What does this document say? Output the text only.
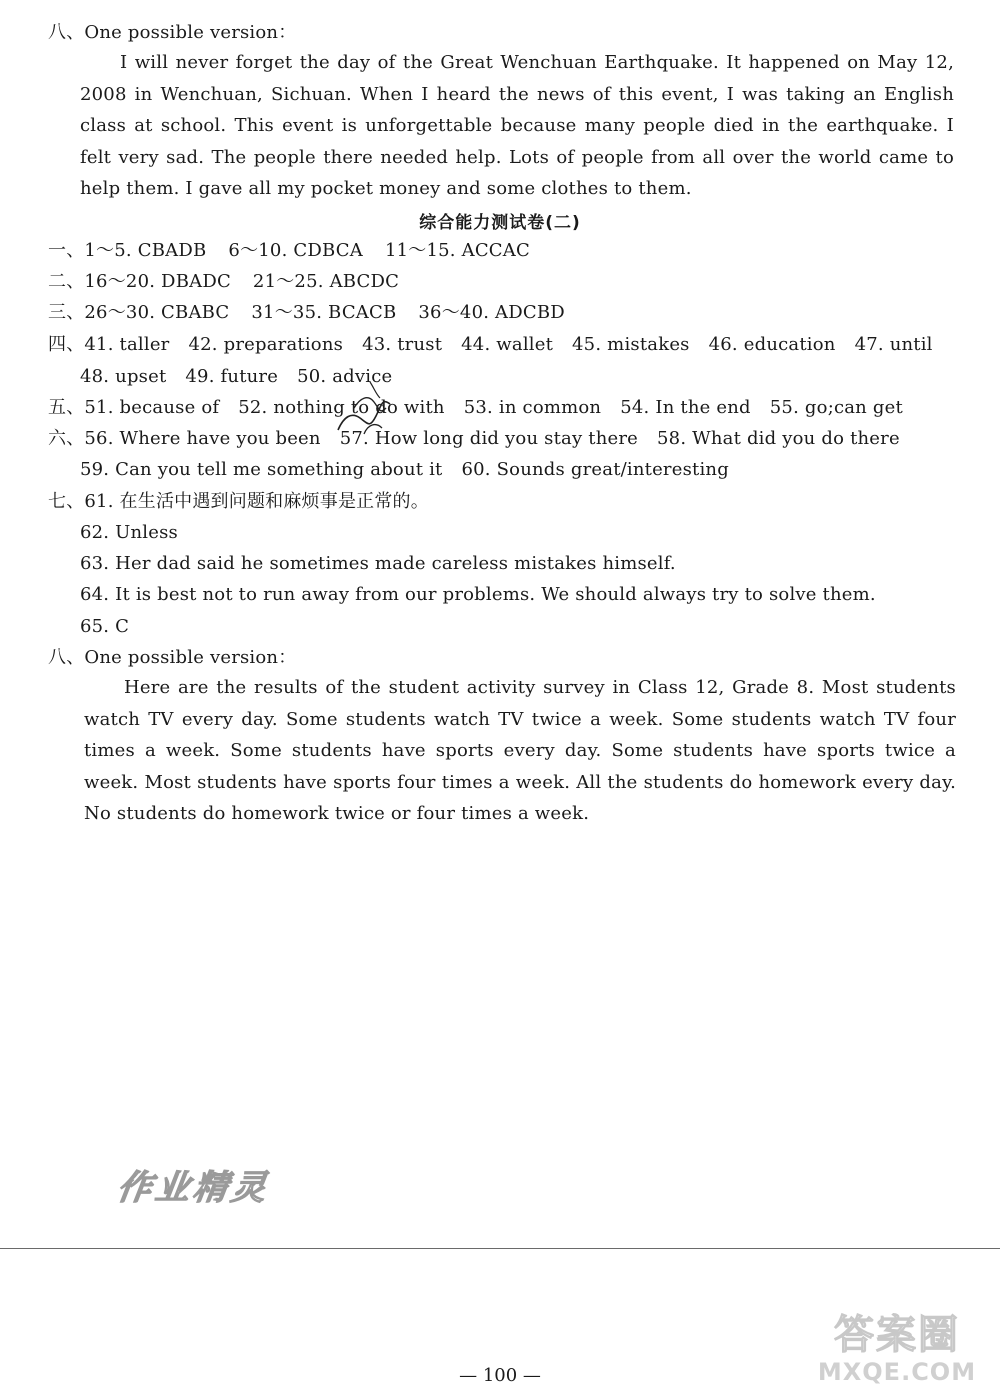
八、One possible version：
I will never forget the day of the Great Wenchuan Earthquake. It happened on May 12, 2008 in Wenchuan, Sichuan. When I heard the news of this event, I was taking an English class at school. This event is unforgettable because many people died in the earthquake. I felt very sad. The people there needed help. Lots of people from all over the world came to help them. I gave all my pocket money and some clothes to them.
综合能力测试卷(二)
一、1～5. CBADB 6～10. CDBCA 11～15. ACCAC
二、16～20. DBADC 21～25. ABCDC
三、26～30. CBABC 31～35. BCACB 36～40. ADCBD
四、41. taller 42. preparations 43. trust 44. wallet 45. mistakes 46. education 47. until
48. upset 49. future 50. advice
五、51. because of 52. nothing to do with 53. in common 54. In the end 55. go;can get
六、56. Where have you been 57. How long did you stay there 58. What did you do there
59. Can you tell me something about it 60. Sounds great/interesting
七、61. 在生活中遇到问题和麻烦事是正常的。
62. Unless
63. Her dad said he sometimes made careless mistakes himself.
64. It is best not to run away from our problems. We should always try to solve them.
65. C
八、One possible version：
Here are the results of the student activity survey in Class 12, Grade 8. Most students watch TV every day. Some students watch TV twice a week. Some students watch TV four times a week. Some students have sports every day. Some students have sports twice a week. Most students have sports four times a week. All the students do homework every day. No students do homework twice or four times a week.
作业精灵
— 100 —
答案圈
MXQE.COM
